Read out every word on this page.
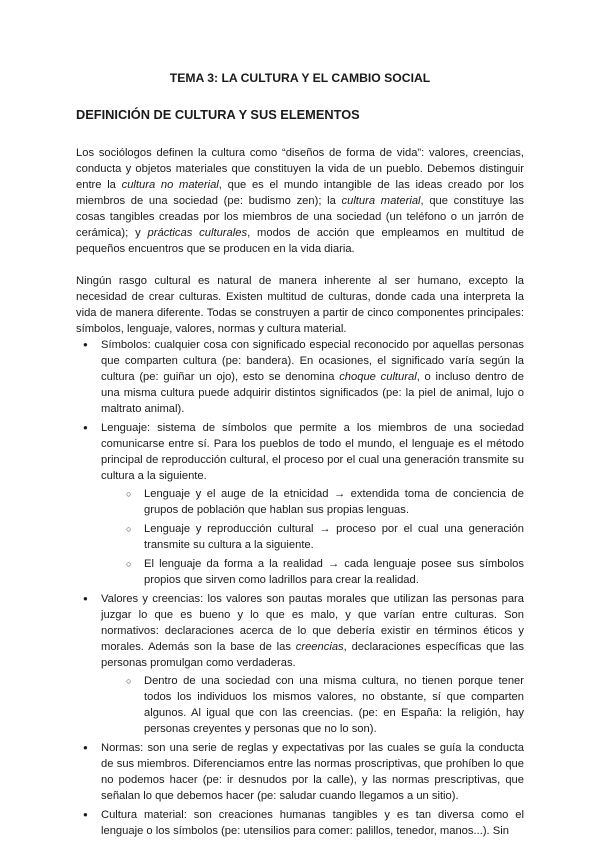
TEMA 3: LA CULTURA Y EL CAMBIO SOCIAL
DEFINICIÓN DE CULTURA Y SUS ELEMENTOS

Los sociólogos definen la cultura como “diseños de forma de vida”: valores, creencias, conducta y objetos materiales que constituyen la vida de un pueblo. Debemos distinguir entre la cultura no material, que es el mundo intangible de las ideas creado por los miembros de una sociedad (pe: budismo zen); la cultura material, que constituye las cosas tangibles creadas por los miembros de una sociedad (un teléfono o un jarrón de cerámica); y prácticas culturales, modos de acción que empleamos en multitud de pequeños encuentros que se producen en la vida diaria.

Ningún rasgo cultural es natural de manera inherente al ser humano, excepto la necesidad de crear culturas. Existen multitud de culturas, donde cada una interpreta la vida de manera diferente. Todas se construyen a partir de cinco componentes principales: símbolos, lenguaje, valores, normas y cultura material.

● Símbolos: cualquier cosa con significado especial reconocido por aquellas personas que comparten cultura (pe: bandera). En ocasiones, el significado varía según la cultura (pe: guiñar un ojo), esto se denomina choque cultural, o incluso dentro de una misma cultura puede adquirir distintos significados (pe: la piel de animal, lujo o maltrato animal).
● Lenguaje: sistema de símbolos que permite a los miembros de una sociedad comunicarse entre sí. Para los pueblos de todo el mundo, el lenguaje es el método principal de reproducción cultural, el proceso por el cual una generación transmite su cultura a la siguiente.
○ Lenguaje y el auge de la etnicidad → extendida toma de conciencia de grupos de población que hablan sus propias lenguas.
○ Lenguaje y reproducción cultural → proceso por el cual una generación transmite su cultura a la siguiente.
○ El lenguaje da forma a la realidad → cada lenguaje posee sus símbolos propios que sirven como ladrillos para crear la realidad.
● Valores y creencias: los valores son pautas morales que utilizan las personas para juzgar lo que es bueno y lo que es malo, y que varían entre culturas. Son normativos: declaraciones acerca de lo que debería existir en términos éticos y morales. Además son la base de las creencias, declaraciones específicas que las personas promulgan como verdaderas.
○ Dentro de una sociedad con una misma cultura, no tienen porque tener todos los individuos los mismos valores, no obstante, sí que comparten algunos. Al igual que con las creencias. (pe: en España: la religión, hay personas creyentes y personas que no lo son).
● Normas: son una serie de reglas y expectativas por las cuales se guía la conducta de sus miembros. Diferenciamos entre las normas proscriptivas, que prohíben lo que no podemos hacer (pe: ir desnudos por la calle), y las normas prescriptivas, que señalan lo que debemos hacer (pe: saludar cuando llegamos a un sitio).
● Cultura material: son creaciones humanas tangibles y es tan diversa como el lenguaje o los símbolos (pe: utensilios para comer: palillos, tenedor, manos...). Sin
